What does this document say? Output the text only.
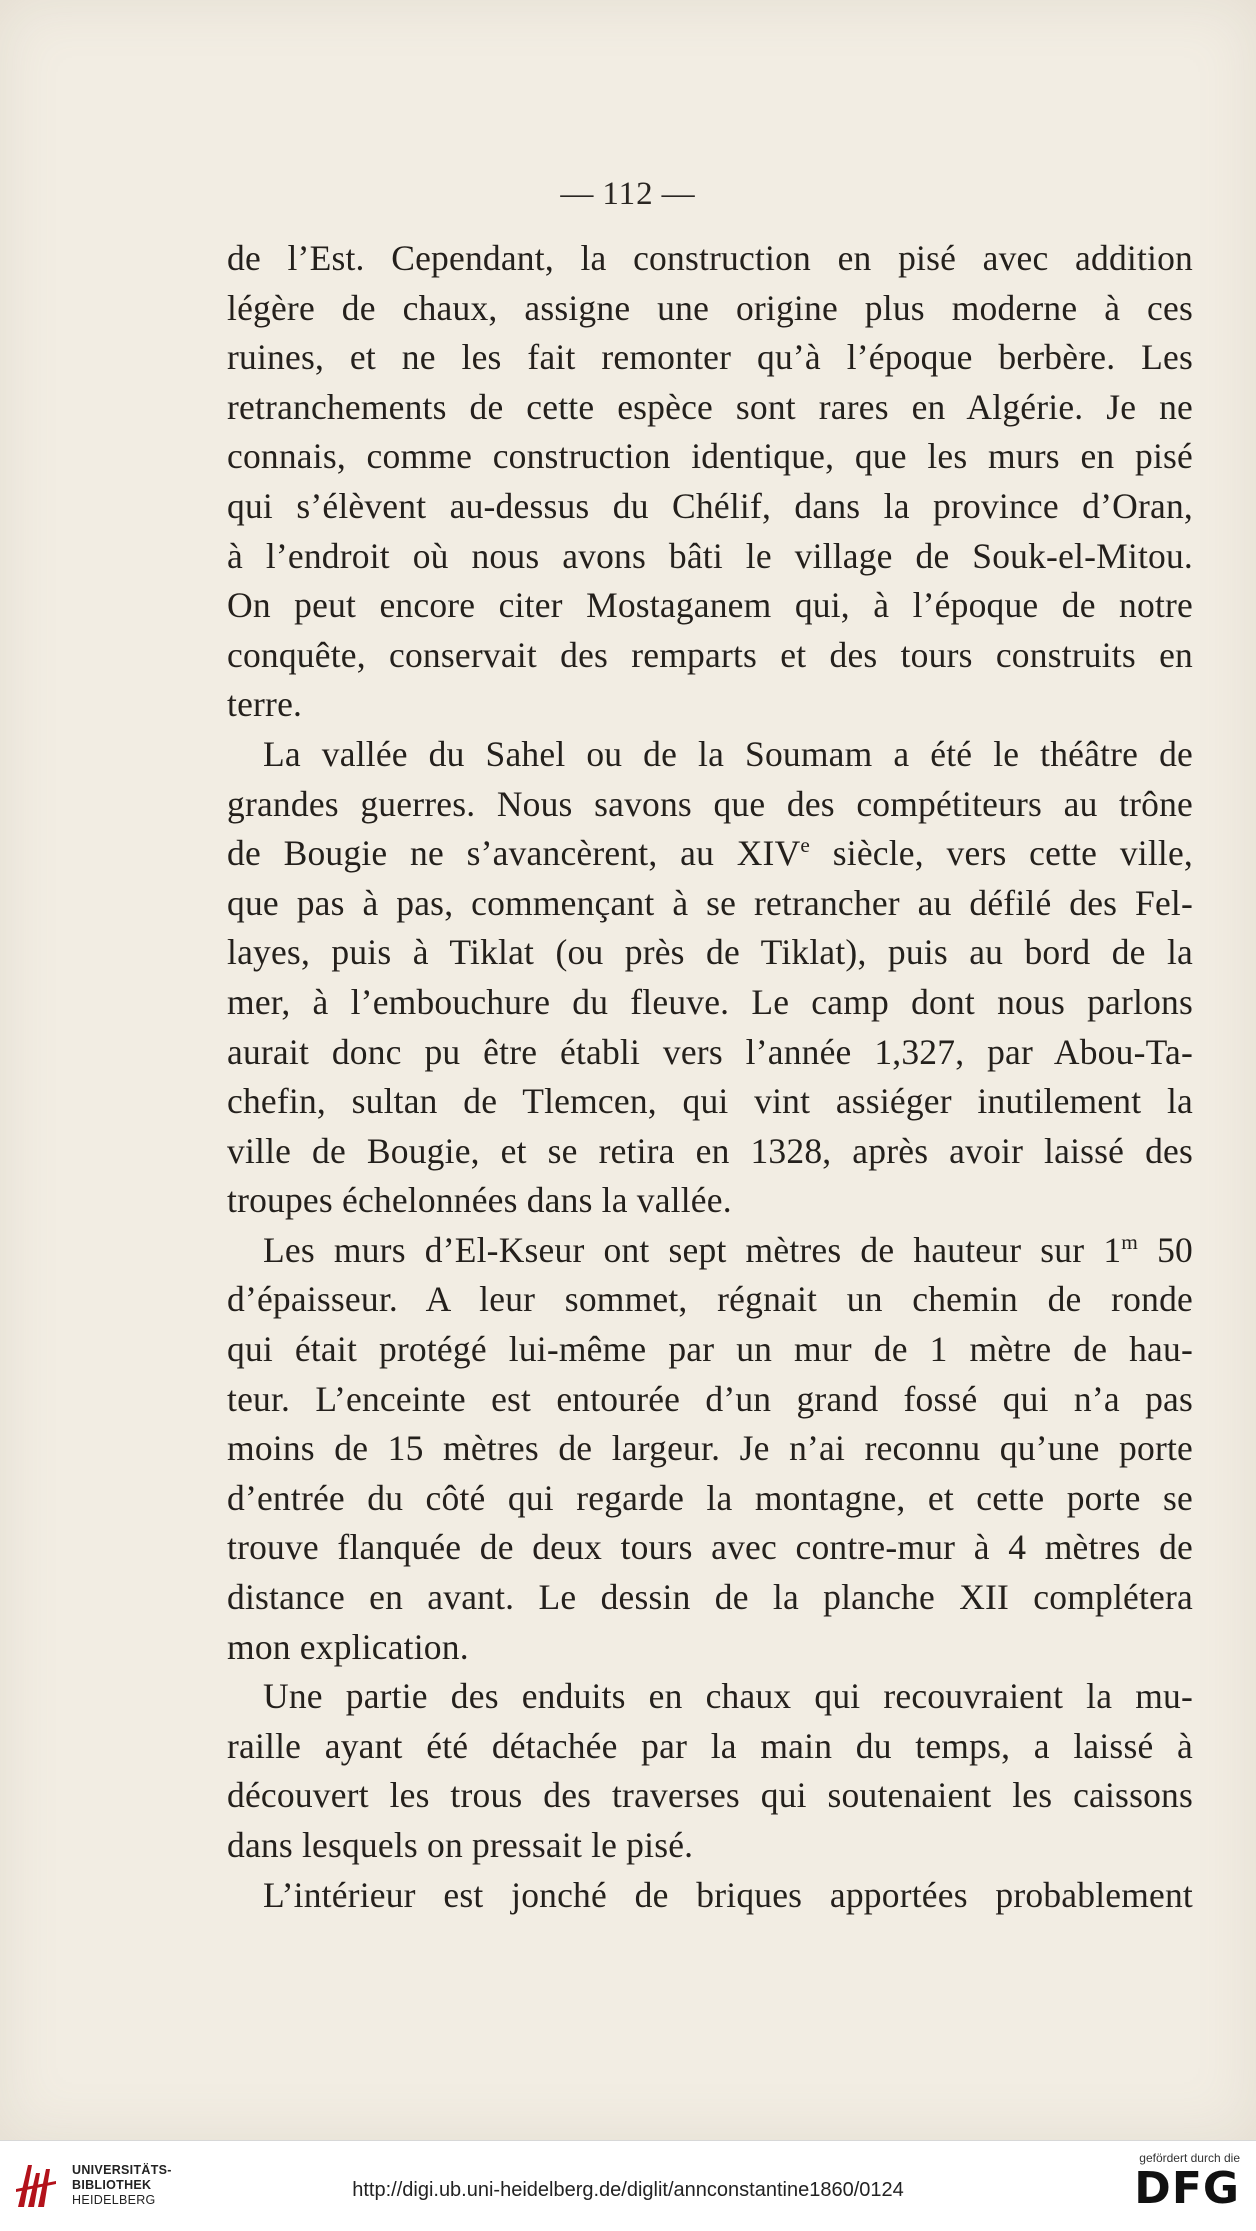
— 112 —
de l’Est. Cependant, la construction en pisé avec addition
légère de chaux, assigne une origine plus moderne à ces
ruines, et ne les fait remonter qu’à l’époque berbère. Les
retranchements de cette espèce sont rares en Algérie. Je ne
connais, comme construction identique, que les murs en pisé
qui s’élèvent au-dessus du Chélif, dans la province d’Oran,
à l’endroit où nous avons bâti le village de Souk-el-Mitou.
On peut encore citer Mostaganem qui, à l’époque de notre
conquête, conservait des remparts et des tours construits en
terre.
La vallée du Sahel ou de la Soumam a été le théâtre de
grandes guerres. Nous savons que des compétiteurs au trône
de Bougie ne s’avancèrent, au XIVe siècle, vers cette ville,
que pas à pas, commençant à se retrancher au défilé des Fel-
layes, puis à Tiklat (ou près de Tiklat), puis au bord de la
mer, à l’embouchure du fleuve. Le camp dont nous parlons
aurait donc pu être établi vers l’année 1,327, par Abou-Ta-
chefin, sultan de Tlemcen, qui vint assiéger inutilement la
ville de Bougie, et se retira en 1328, après avoir laissé des
troupes échelonnées dans la vallée.
Les murs d’El-Kseur ont sept mètres de hauteur sur 1$^m$ 50
d’épaisseur. A leur sommet, régnait un chemin de ronde
qui était protégé lui-même par un mur de 1 mètre de hau-
teur. L’enceinte est entourée d’un grand fossé qui n’a pas
moins de 15 mètres de largeur. Je n’ai reconnu qu’une porte
d’entrée du côté qui regarde la montagne, et cette porte se
trouve flanquée de deux tours avec contre-mur à 4 mètres de
distance en avant. Le dessin de la planche XII complétera
mon explication.
Une partie des enduits en chaux qui recouvraient la mu-
raille ayant été détachée par la main du temps, a laissé à
découvert les trous des traverses qui soutenaient les caissons
dans lesquels on pressait le pisé.
L’intérieur est jonché de briques apportées probablement
UNIVERSITÄTS-
BIBLIOTHEK
HEIDELBERG	http://digi.ub.uni-heidelberg.de/diglit/annconstantine1860/0124
gefördert durch die
DFG
